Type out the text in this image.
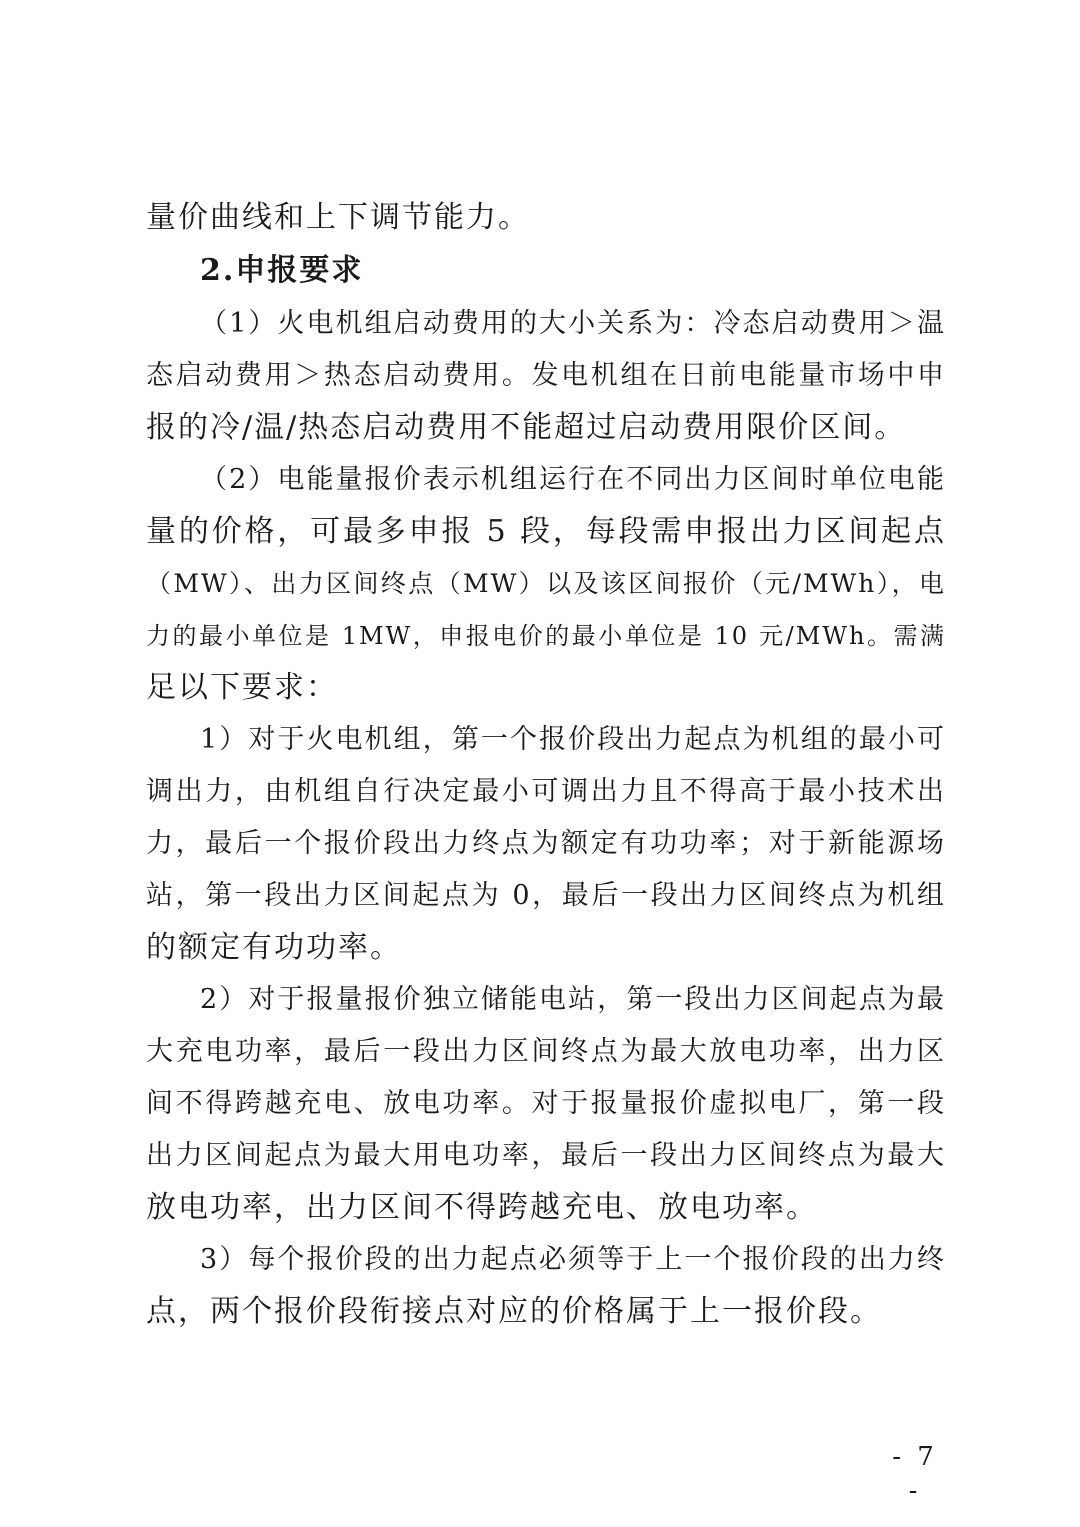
量价曲线和上下调节能力。
2.申报要求
（1）火电机组启动费用的大小关系为：冷态启动费用＞温
态启动费用＞热态启动费用。发电机组在日前电能量市场中申
报的冷/温/热态启动费用不能超过启动费用限价区间。
（2）电能量报价表示机组运行在不同出力区间时单位电能
量的价格，可最多申报 5 段，每段需申报出力区间起点
（MW）、出力区间终点（MW）以及该区间报价（元/MWh），电
力的最小单位是 1MW，申报电价的最小单位是 10 元/MWh。需满
足以下要求：
1）对于火电机组，第一个报价段出力起点为机组的最小可
调出力，由机组自行决定最小可调出力且不得高于最小技术出
力，最后一个报价段出力终点为额定有功功率；对于新能源场
站，第一段出力区间起点为 0，最后一段出力区间终点为机组
的额定有功功率。
2）对于报量报价独立储能电站，第一段出力区间起点为最
大充电功率，最后一段出力区间终点为最大放电功率，出力区
间不得跨越充电、放电功率。对于报量报价虚拟电厂，第一段
出力区间起点为最大用电功率，最后一段出力区间终点为最大
放电功率，出力区间不得跨越充电、放电功率。
3）每个报价段的出力起点必须等于上一个报价段的出力终
点，两个报价段衔接点对应的价格属于上一报价段。
- 7 -
